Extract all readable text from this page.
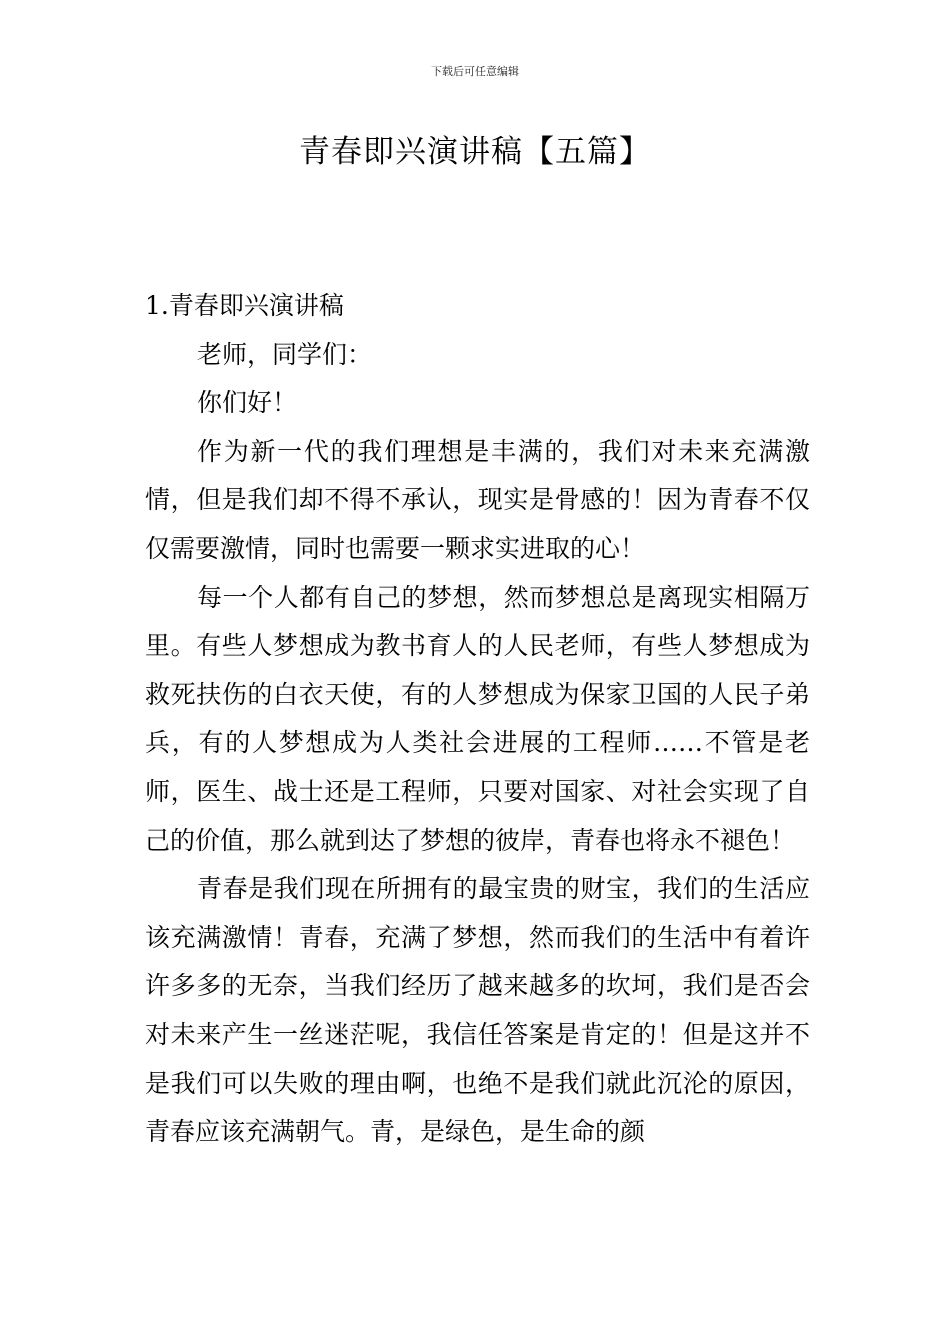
下载后可任意编辑
青春即兴演讲稿【五篇】

1.青春即兴演讲稿

老师，同学们：

你们好！

作为新一代的我们理想是丰满的，我们对未来充满激情，但是我们却不得不承认，现实是骨感的！因为青春不仅仅需要激情，同时也需要一颗求实进取的心！

每一个人都有自己的梦想，然而梦想总是离现实相隔万里。有些人梦想成为教书育人的人民老师，有些人梦想成为救死扶伤的白衣天使，有的人梦想成为保家卫国的人民子弟兵，有的人梦想成为人类社会进展的工程师……不管是老师，医生、战士还是工程师，只要对国家、对社会实现了自己的价值，那么就到达了梦想的彼岸，青春也将永不褪色！

青春是我们现在所拥有的最宝贵的财宝，我们的生活应该充满激情！青春，充满了梦想，然而我们的生活中有着许许多多的无奈，当我们经历了越来越多的坎坷，我们是否会对未来产生一丝迷茫呢，我信任答案是肯定的！但是这并不是我们可以失败的理由啊，也绝不是我们就此沉沦的原因，青春应该充满朝气。青，是绿色，是生命的颜
